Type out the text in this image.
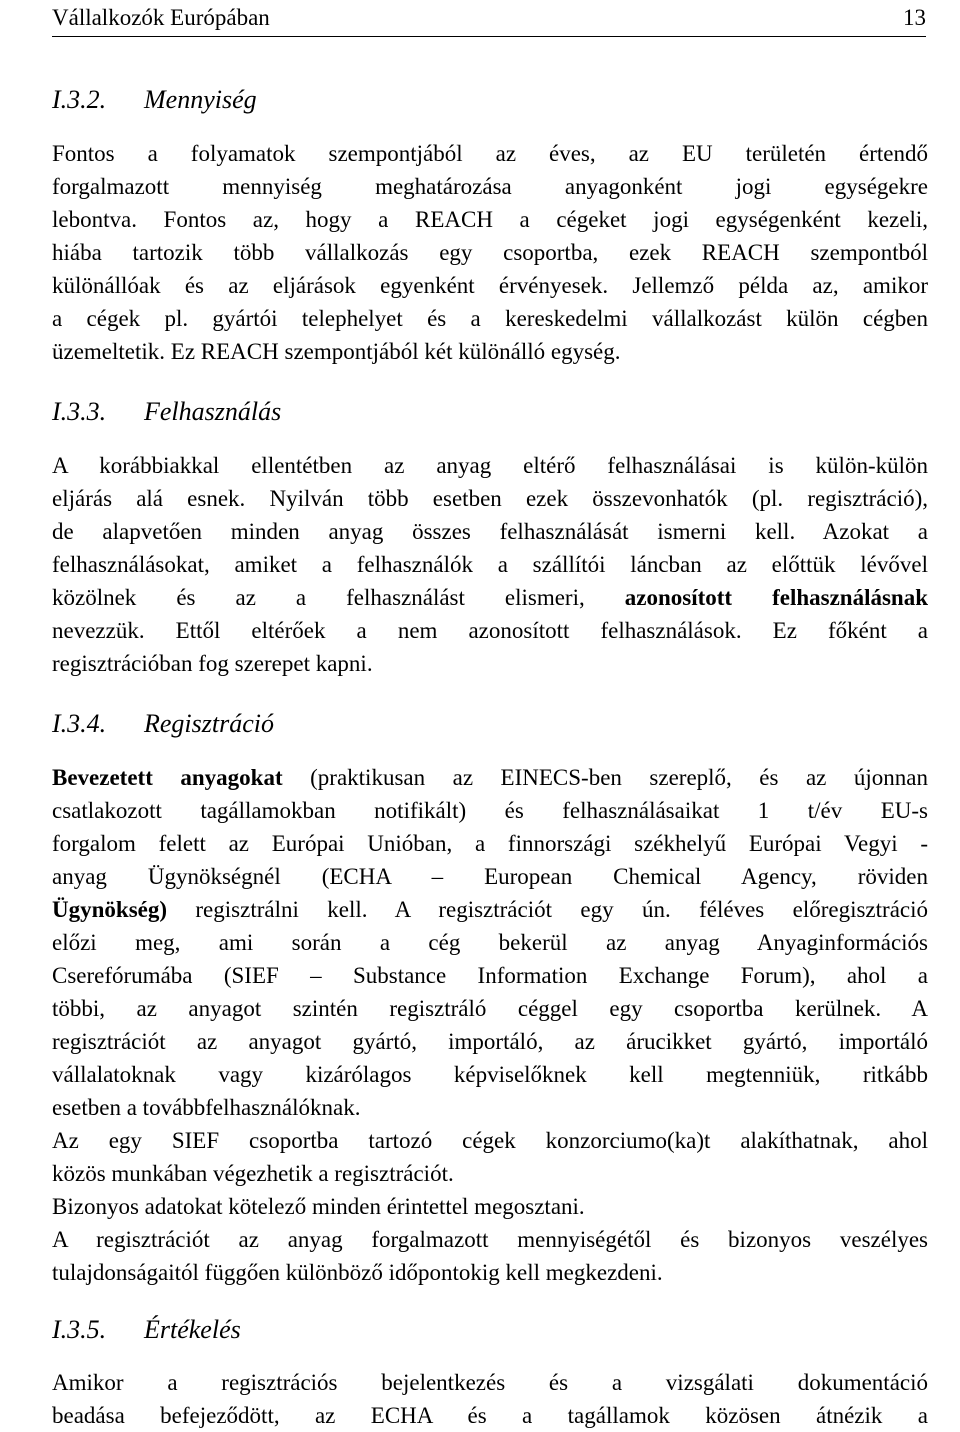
Vállalkozók Európában	13
I.3.2. Mennyiség
Fontos a folyamatok szempontjából az éves, az EU területén értendő
forgalmazott mennyiség meghatározása anyagonként jogi egységekre
lebontva. Fontos az, hogy a REACH a cégeket jogi egységenként kezeli,
hiába tartozik több vállalkozás egy csoportba, ezek REACH szempontból
különállóak és az eljárások egyenként érvényesek. Jellemző példa az, amikor
a cégek pl. gyártói telephelyet és a kereskedelmi vállalkozást külön cégben
üzemeltetik. Ez REACH szempontjából két különálló egység.
I.3.3. Felhasználás
A korábbiakkal ellentétben az anyag eltérő felhasználásai is külön-külön
eljárás alá esnek. Nyilván több esetben ezek összevonhatók (pl. regisztráció),
de alapvetően minden anyag összes felhasználását ismerni kell. Azokat a
felhasználásokat, amiket a felhasználók a szállítói láncban az előttük lévővel
közölnek és az a felhasználást elismeri, azonosított felhasználásnak
nevezzük. Ettől eltérőek a nem azonosított felhasználások. Ez főként a
regisztrációban fog szerepet kapni.
I.3.4. Regisztráció
Bevezetett anyagokat (praktikusan az EINECS-ben szereplő, és az újonnan
csatlakozott tagállamokban notifikált) és felhasználásaikat 1 t/év EU-s
forgalom felett az Európai Unióban, a finnországi székhelyű Európai Vegyi -
anyag Ügynökségnél (ECHA – European Chemical Agency, röviden
Ügynökség) regisztrálni kell. A regisztrációt egy ún. féléves előregisztráció
előzi meg, ami során a cég bekerül az anyag Anyaginformációs
Cserefórumába (SIEF – Substance Information Exchange Forum), ahol a
többi, az anyagot szintén regisztráló céggel egy csoportba kerülnek. A
regisztrációt az anyagot gyártó, importáló, az árucikket gyártó, importáló
vállalatoknak vagy kizárólagos képviselőknek kell megtenniük, ritkább
esetben a továbbfelhasználóknak.
Az egy SIEF csoportba tartozó cégek konzorciumo(ka)t alakíthatnak, ahol
közös munkában végezhetik a regisztrációt.
Bizonyos adatokat kötelező minden érintettel megosztani.
A regisztrációt az anyag forgalmazott mennyiségétől és bizonyos veszélyes
tulajdonságaitól függően különböző időpontokig kell megkezdeni.
I.3.5. Értékelés
Amikor a regisztrációs bejelentkezés és a vizsgálati dokumentáció
beadása befejeződött, az ECHA és a tagállamok közösen átnézik a
